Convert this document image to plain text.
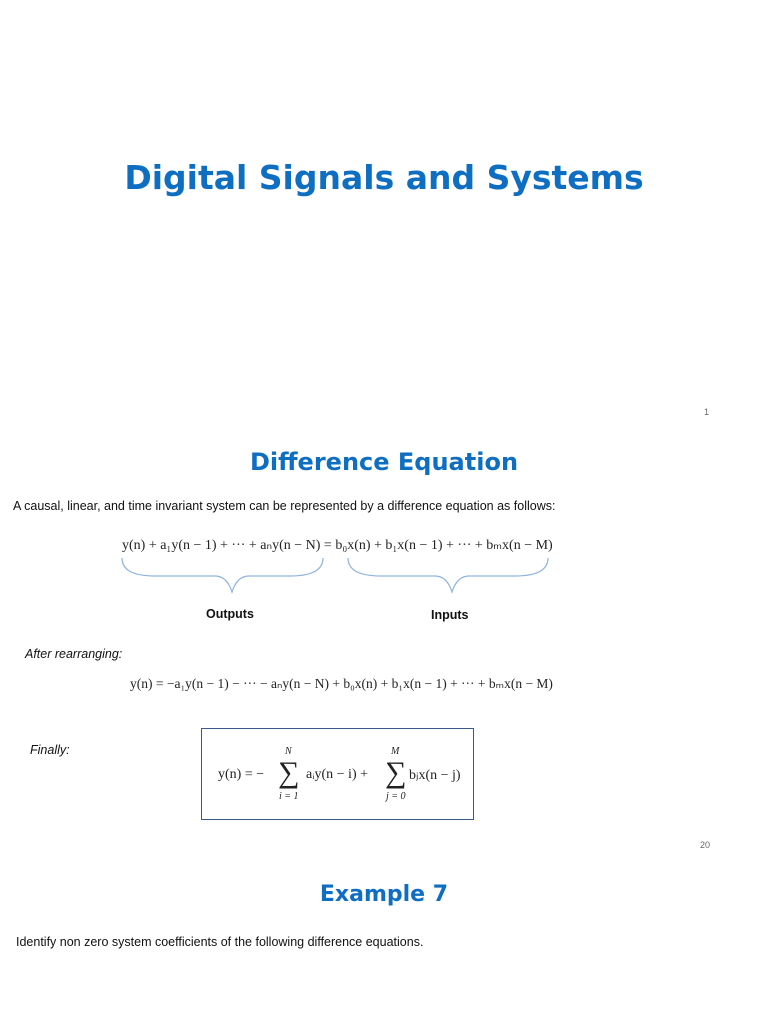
Digital Signals and Systems
1
Difference Equation
A causal, linear, and time invariant system can be represented by a difference equation as follows:
y(n) + a₁y(n − 1) + ··· + aₙy(n − N) = b₀x(n) + b₁x(n − 1) + ··· + bₘx(n − M)
Outputs	Inputs
After rearranging:
y(n) = −a₁y(n − 1) − ··· − aₙy(n − N) + b₀x(n) + b₁x(n − 1) + ··· + bₘx(n − M)
Finally:
y(n) = −
N
∑
i = 1
aᵢy(n − i) +
M
∑
j = 0
bⱼx(n − j)
20
Example 7
Identify non zero system coefficients of the following difference equations.
